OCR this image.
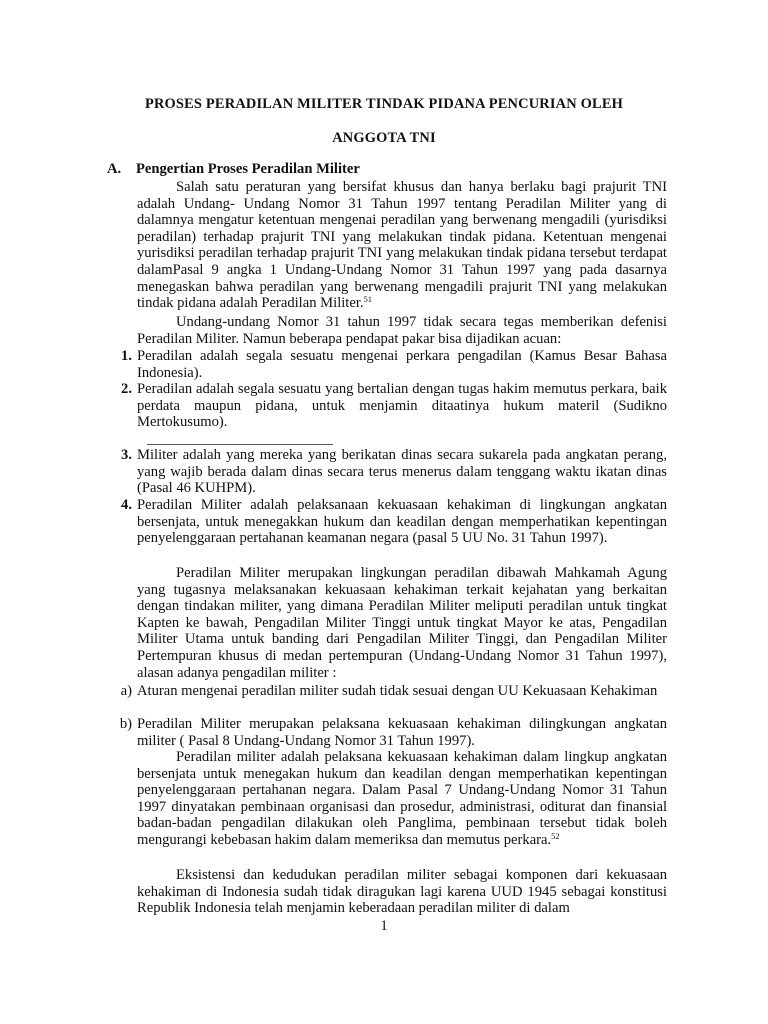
PROSES PERADILAN MILITER TINDAK PIDANA PENCURIAN OLEH
ANGGOTA TNI
A. Pengertian Proses Peradilan Militer
Salah satu peraturan yang bersifat khusus dan hanya berlaku bagi prajurit TNI adalah Undang- Undang Nomor 31 Tahun 1997 tentang Peradilan Militer yang di dalamnya mengatur ketentuan mengenai peradilan yang berwenang mengadili (yurisdiksi peradilan) terhadap prajurit TNI yang melakukan tindak pidana. Ketentuan mengenai yurisdiksi peradilan terhadap prajurit TNI yang melakukan tindak pidana tersebut terdapat dalamPasal 9 angka 1 Undang-Undang Nomor 31 Tahun 1997 yang pada dasarnya menegaskan bahwa peradilan yang berwenang mengadili prajurit TNI yang melakukan tindak pidana adalah Peradilan Militer.$^{51}$
Undang-undang Nomor 31 tahun 1997 tidak secara tegas memberikan defenisi Peradilan Militer. Namun beberapa pendapat pakar bisa dijadikan acuan:
1. Peradilan adalah segala sesuatu mengenai perkara pengadilan (Kamus Besar Bahasa Indonesia).
2. Peradilan adalah segala sesuatu yang bertalian dengan tugas hakim memutus perkara, baik perdata maupun pidana, untuk menjamin ditaatinya hukum materil (Sudikno Mertokusumo).
3. Militer adalah yang mereka yang berikatan dinas secara sukarela pada angkatan perang, yang wajib berada dalam dinas secara terus menerus dalam tenggang waktu ikatan dinas (Pasal 46 KUHPM).
4. Peradilan Militer adalah pelaksanaan kekuasaan kehakiman di lingkungan angkatan bersenjata, untuk menegakkan hukum dan keadilan dengan memperhatikan kepentingan penyelenggaraan pertahanan keamanan negara (pasal 5 UU No. 31 Tahun 1997).
Peradilan Militer merupakan lingkungan peradilan dibawah Mahkamah Agung yang tugasnya melaksanakan kekuasaan kehakiman terkait kejahatan yang berkaitan dengan tindakan militer, yang dimana Peradilan Militer meliputi peradilan untuk tingkat Kapten ke bawah, Pengadilan Militer Tinggi untuk tingkat Mayor ke atas, Pengadilan Militer Utama untuk banding dari Pengadilan Militer Tinggi, dan Pengadilan Militer Pertempuran khusus di medan pertempuran (Undang-Undang Nomor 31 Tahun 1997), alasan adanya pengadilan militer :
a) Aturan mengenai peradilan militer sudah tidak sesuai dengan UU Kekuasaan Kehakiman
b) Peradilan Militer merupakan pelaksana kekuasaan kehakiman dilingkungan angkatan militer ( Pasal 8 Undang-Undang Nomor 31 Tahun 1997).
Peradilan militer adalah pelaksana kekuasaan kehakiman dalam lingkup angkatan bersenjata untuk menegakan hukum dan keadilan dengan memperhatikan kepentingan penyelenggaraan pertahanan negara. Dalam Pasal 7 Undang-Undang Nomor 31 Tahun 1997 dinyatakan pembinaan organisasi dan prosedur, administrasi, oditurat dan finansial badan-badan pengadilan dilakukan oleh Panglima, pembinaan tersebut tidak boleh mengurangi kebebasan hakim dalam memeriksa dan memutus perkara.$^{52}$
Eksistensi dan kedudukan peradilan militer sebagai komponen dari kekuasaan kehakiman di Indonesia sudah tidak diragukan lagi karena UUD 1945 sebagai konstitusi Republik Indonesia telah menjamin keberadaan peradilan militer di dalam
1
